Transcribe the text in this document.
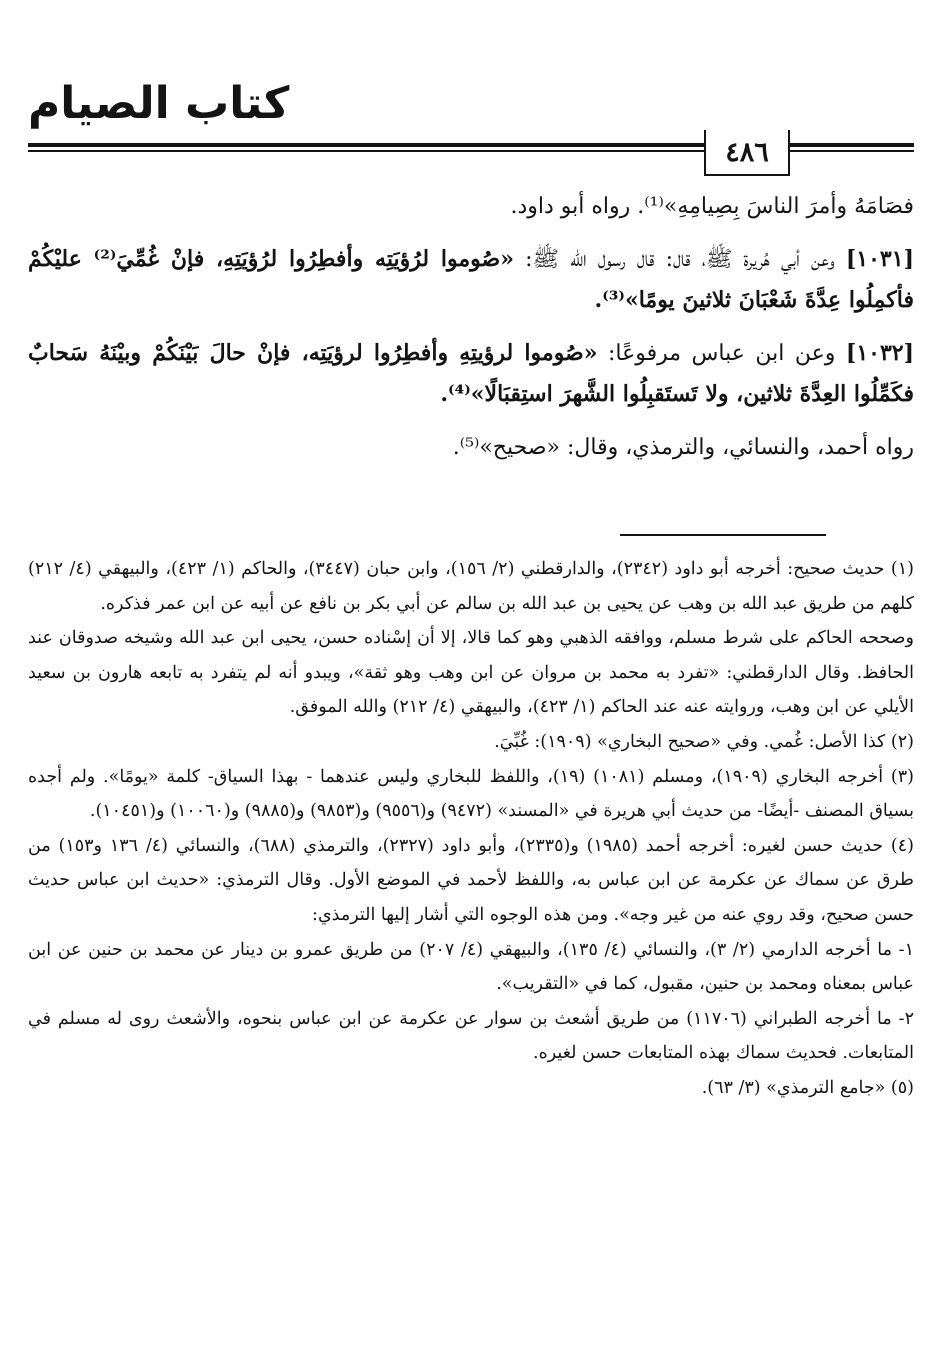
كتاب الصيام
٤٨٦

فصَامَهُ وأمرَ الناسَ بِصِيامِهِ»⁽¹⁾. رواه أبو داود.

[١٠٣١] وعن أبي هُريرة ﷺ، قال: قال رسول الله ﷺ: «صُوموا لرُؤيَتِه وأفطِرُوا لرُؤيَتِهِ، فإنْ غُمِّيَ⁽²⁾ عليْكُمْ فأكمِلُوا عِدَّةَ شَعْبَانَ ثلاثينَ يومًا»⁽³⁾.

[١٠٣٢] وعن ابن عباس مرفوعًا: «صُوموا لرؤيتِهِ وأفطِرُوا لرؤيَتِه، فإنْ حالَ بَيْنَكُمْ وبيْنَهُ سَحابٌ فكَمِّلُوا العِدَّةَ ثلاثين، ولا تَستَقبِلُوا الشَّهرَ استِقبَالًا»⁽⁴⁾.

رواه أحمد، والنسائي، والترمذي، وقال: «صحيح»⁽⁵⁾.

(١) حديث صحيح: أخرجه أبو داود (٢٣٤٢)، والدارقطني (٢/ ١٥٦)، وابن حبان (٣٤٤٧)، والحاكم (١/ ٤٢٣)، والبيهقي (٤/ ٢١٢) كلهم من طريق عبد الله بن وهب عن يحيى بن عبد الله بن سالم عن أبي بكر بن نافع عن أبيه عن ابن عمر فذكره.

وصححه الحاكم على شرط مسلم، ووافقه الذهبي وهو كما قالا، إلا أن إسْناده حسن، يحيى ابن عبد الله وشيخه صدوقان عند الحافظ. وقال الدارقطني: «تفرد به محمد بن مروان عن ابن وهب وهو ثقة»، ويبدو أنه لم يتفرد به تابعه هارون بن سعيد الأيلي عن ابن وهب، وروايته عنه عند الحاكم (١/ ٤٢٣)، والبيهقي (٤/ ٢١٢) والله الموفق.

(٢) كذا الأصل: غُمي. وفي «صحيح البخاري» (١٩٠٩): غُبِّيَ.

(٣) أخرجه البخاري (١٩٠٩)، ومسلم (١٠٨١) (١٩)، واللفظ للبخاري وليس عندهما - بهذا السياق- كلمة «يومًا». ولم أجده بسياق المصنف -أيضًا- من حديث أبي هريرة في «المسند» (٩٤٧٢) و(٩٥٥٦) و(٩٨٥٣) و(٩٨٨٥) و(١٠٠٦٠) و(١٠٤٥١).

(٤) حديث حسن لغيره: أخرجه أحمد (١٩٨٥) و(٢٣٣٥)، وأبو داود (٢٣٢٧)، والترمذي (٦٨٨)، والنسائي (٤/ ١٣٦ و١٥٣) من طرق عن سماك عن عكرمة عن ابن عباس به، واللفظ لأحمد في الموضع الأول. وقال الترمذي: «حديث ابن عباس حديث حسن صحيح، وقد روي عنه من غير وجه». ومن هذه الوجوه التي أشار إليها الترمذي:

١- ما أخرجه الدارمي (٢/ ٣)، والنسائي (٤/ ١٣٥)، والبيهقي (٤/ ٢٠٧) من طريق عمرو بن دينار عن محمد بن حنين عن ابن عباس بمعناه ومحمد بن حنين، مقبول، كما في «التقريب».

٢- ما أخرجه الطبراني (١١٧٠٦) من طريق أشعث بن سوار عن عكرمة عن ابن عباس بنحوه، والأشعث روى له مسلم في المتابعات. فحديث سماك بهذه المتابعات حسن لغيره.

(٥) «جامع الترمذي» (٣/ ٦٣).
